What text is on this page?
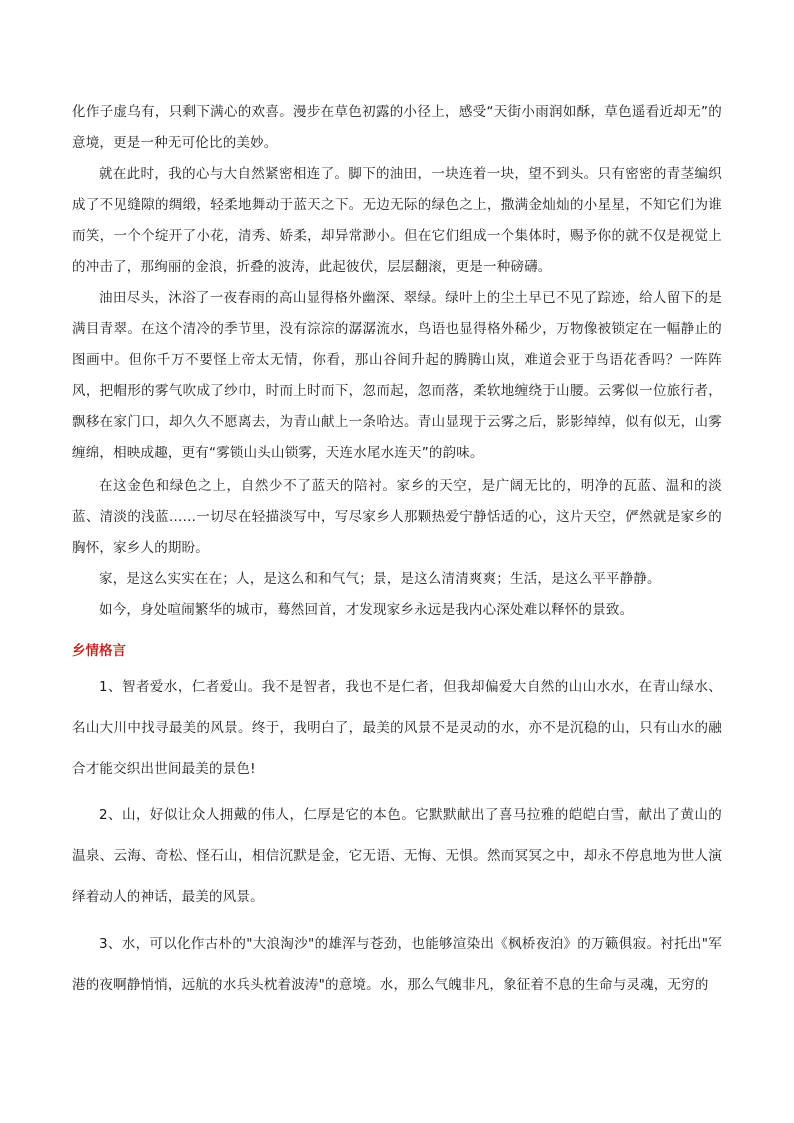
化作子虚乌有，只剩下满心的欢喜。漫步在草色初露的小径上，感受“天街小雨润如酥，草色遥看近却无”的意境，更是一种无可伦比的美妙。

就在此时，我的心与大自然紧密相连了。脚下的油田，一块连着一块，望不到头。只有密密的青茎编织成了不见缝隙的绸缎，轻柔地舞动于蓝天之下。无边无际的绿色之上，撒满金灿灿的小星星，不知它们为谁而笑，一个个绽开了小花，清秀、娇柔，却异常渺小。但在它们组成一个集体时，赐予你的就不仅是视觉上的冲击了，那绚丽的金浪，折叠的波涛，此起彼伏，层层翻滚，更是一种磅礴。

油田尽头，沐浴了一夜春雨的高山显得格外幽深、翠绿。绿叶上的尘土早已不见了踪迹，给人留下的是满目青翠。在这个清冷的季节里，没有淙淙的潺潺流水，鸟语也显得格外稀少，万物像被锁定在一幅静止的图画中。但你千万不要怪上帝太无情，你看，那山谷间升起的腾腾山岚，难道会亚于鸟语花香吗？一阵阵风，把帽形的雾气吹成了纱巾，时而上时而下，忽而起，忽而落，柔软地缠绕于山腰。云雾似一位旅行者，飘移在家门口，却久久不愿离去，为青山献上一条哈达。青山显现于云雾之后，影影绰绰，似有似无，山雾缠绵，相映成趣，更有“雾锁山头山锁雾，天连水尾水连天”的韵味。

在这金色和绿色之上，自然少不了蓝天的陪衬。家乡的天空，是广阔无比的，明净的瓦蓝、温和的淡蓝、清淡的浅蓝……一切尽在轻描淡写中，写尽家乡人那颗热爱宁静恬适的心，这片天空，俨然就是家乡的胸怀，家乡人的期盼。

家，是这么实实在在；人，是这么和和气气；景，是这么清清爽爽；生活，是这么平平静静。

如今，身处喧闹繁华的城市，蓦然回首，才发现家乡永远是我内心深处难以释怀的景致。

乡情格言

1、智者爱水，仁者爱山。我不是智者，我也不是仁者，但我却偏爱大自然的山山水水，在青山绿水、名山大川中找寻最美的风景。终于，我明白了，最美的风景不是灵动的水，亦不是沉稳的山，只有山水的融合才能交织出世间最美的景色!

2、山，好似让众人拥戴的伟人，仁厚是它的本色。它默默献出了喜马拉雅的皑皑白雪，献出了黄山的温泉、云海、奇松、怪石山，相信沉默是金，它无语、无悔、无惧。然而冥冥之中，却永不停息地为世人演绎着动人的神话，最美的风景。

3、水，可以化作古朴的"大浪淘沙"的雄浑与苍劲，也能够渲染出《枫桥夜泊》的万籁俱寂。衬托出"军港的夜啊静悄悄，远航的水兵头枕着波涛"的意境。水，那么气魄非凡，象征着不息的生命与灵魂，无穷的
